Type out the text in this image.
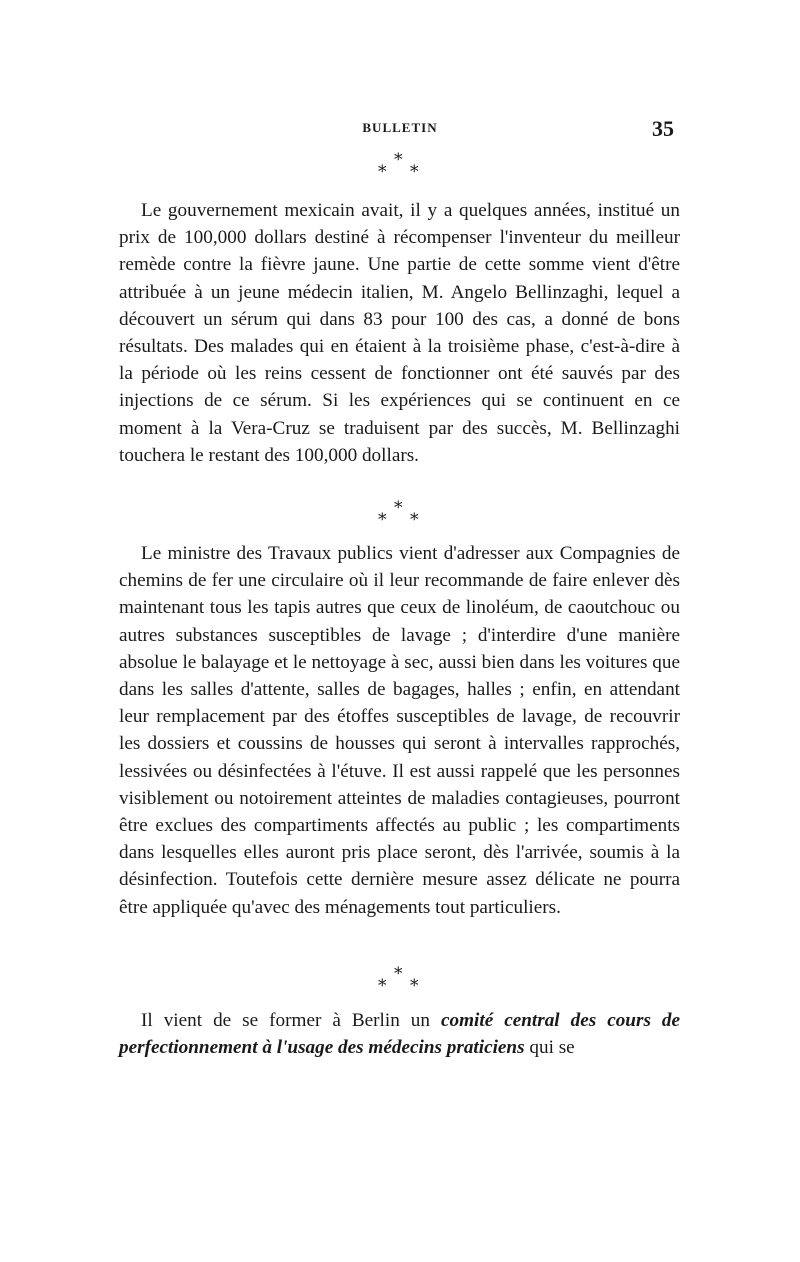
BULLETIN	35
*
* *

Le gouvernement mexicain avait, il y a quelques années, institué un prix de 100,000 dollars destiné à récompenser l'inventeur du meilleur remède contre la fièvre jaune. Une partie de cette somme vient d'être attribuée à un jeune médecin italien, M. Angelo Bellinzaghi, lequel a découvert un sérum qui dans 83 pour 100 des cas, a donné de bons résultats. Des malades qui en étaient à la troisième phase, c'est-à-dire à la période où les reins cessent de fonctionner ont été sauvés par des injections de ce sérum. Si les expériences qui se continuent en ce moment à la Vera-Cruz se traduisent par des succès, M. Bellinzaghi touchera le restant des 100,000 dollars.

*
* *

Le ministre des Travaux publics vient d'adresser aux Compagnies de chemins de fer une circulaire où il leur recommande de faire enlever dès maintenant tous les tapis autres que ceux de linoléum, de caoutchouc ou autres substances susceptibles de lavage ; d'interdire d'une manière absolue le balayage et le nettoyage à sec, aussi bien dans les voitures que dans les salles d'attente, salles de bagages, halles ; enfin, en attendant leur remplacement par des étoffes susceptibles de lavage, de recouvrir les dossiers et coussins de housses qui seront à intervalles rapprochés, lessivées ou désinfectées à l'étuve. Il est aussi rappelé que les personnes visiblement ou notoirement atteintes de maladies contagieuses, pourront être exclues des compartiments affectés au public ; les compartiments dans lesquelles elles auront pris place seront, dès l'arrivée, soumis à la désinfection. Toutefois cette dernière mesure assez délicate ne pourra être appliquée qu'avec des ménagements tout particuliers.

*
* *

Il vient de se former à Berlin un comité central des cours de perfectionnement à l'usage des médecins praticiens qui se
